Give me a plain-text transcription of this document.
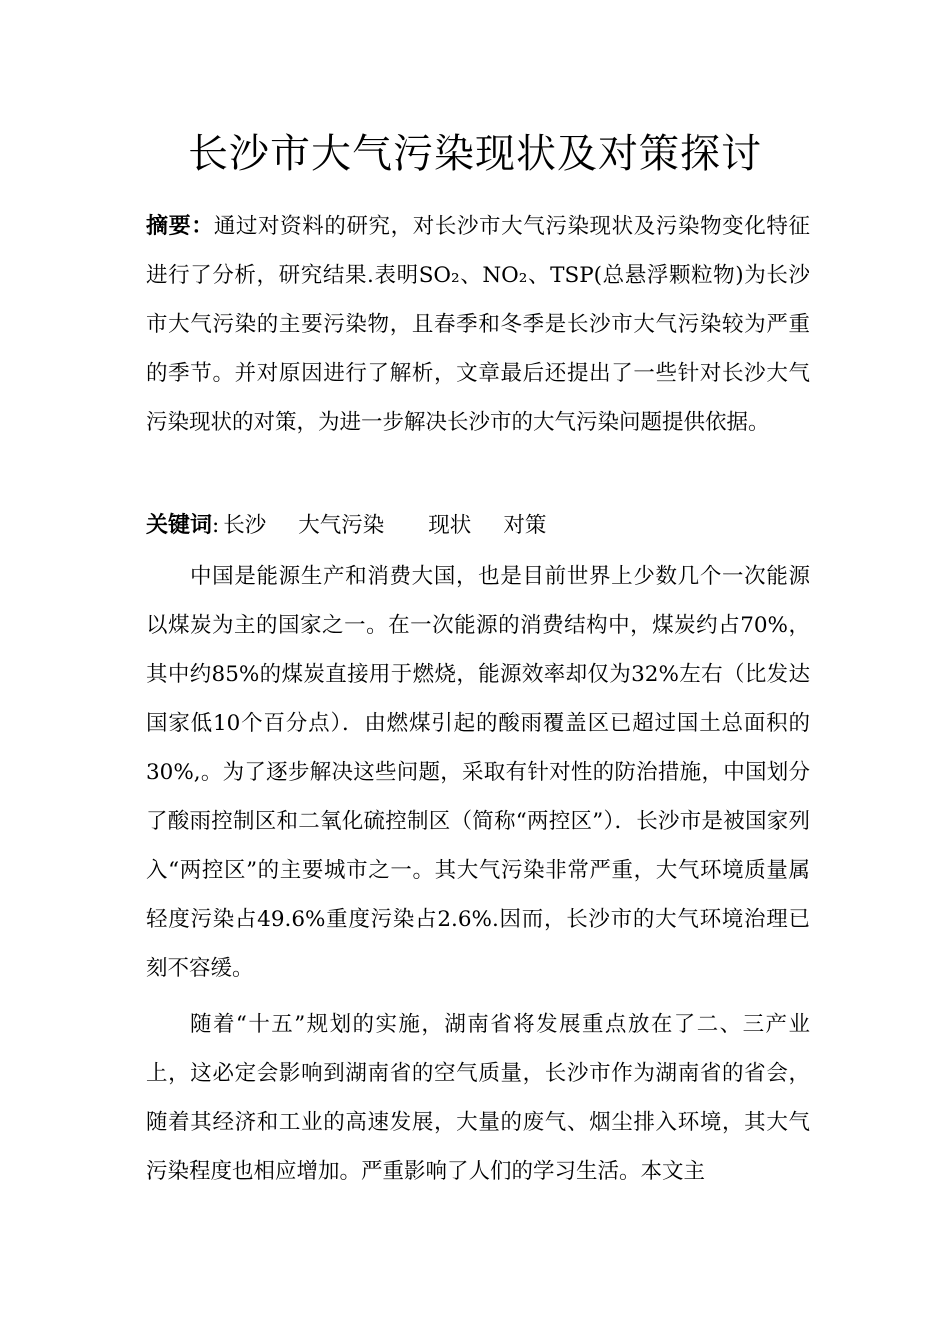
长沙市大气污染现状及对策探讨

摘要：通过对资料的研究，对长沙市大气污染现状及污染物变化特征进行了分析，研究结果.表明SO₂、NO₂、TSP(总悬浮颗粒物)为长沙市大气污染的主要污染物，且春季和冬季是长沙市大气污染较为严重的季节。并对原因进行了解析，文章最后还提出了一些针对长沙大气污染现状的对策，为进一步解决长沙市的大气污染问题提供依据。

关键词: 长沙 大气污染 现状 对策

中国是能源生产和消费大国，也是目前世界上少数几个一次能源以煤炭为主的国家之一。在一次能源的消费结构中，煤炭约占70%，其中约85%的煤炭直接用于燃烧，能源效率却仅为32%左右（比发达国家低10个百分点）．由燃煤引起的酸雨覆盖区已超过国土总面积的30%,。为了逐步解决这些问题，采取有针对性的防治措施，中国划分了酸雨控制区和二氧化硫控制区（简称“两控区”）．长沙市是被国家列入“两控区”的主要城市之一。其大气污染非常严重，大气环境质量属轻度污染占49.6%重度污染占2.6%.因而，长沙市的大气环境治理已刻不容缓。

随着“十五”规划的实施，湖南省将发展重点放在了二、三产业上，这必定会影响到湖南省的空气质量，长沙市作为湖南省的省会，随着其经济和工业的高速发展，大量的废气、烟尘排入环境，其大气污染程度也相应增加。严重影响了人们的学习生活。本文主
